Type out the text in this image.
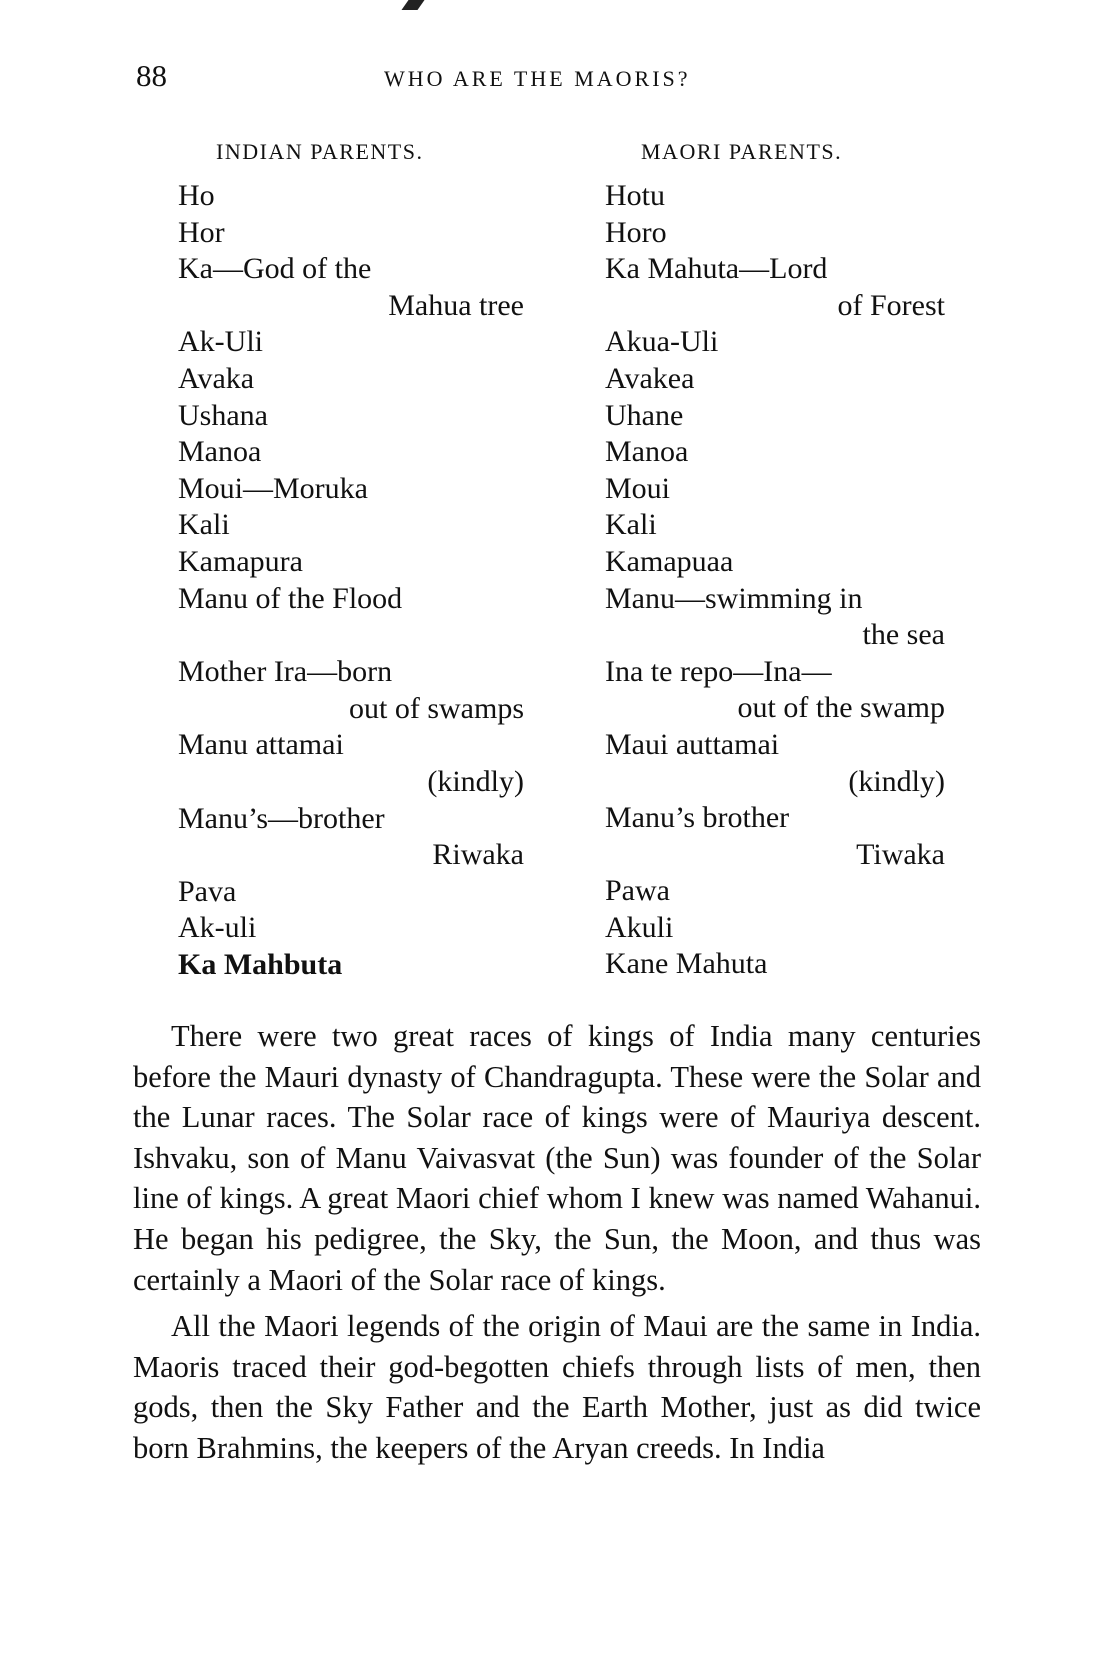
88	WHO ARE THE MAORIS?
INDIAN PARENTS.
Ho
Hor
Ka—God of the
Mahua tree
Ak-Uli
Avaka
Ushana
Manoa
Moui—Moruka
Kali
Kamapura
Manu of the Flood
Mother Ira—born
out of swamps
Manu attamai
(kindly)
Manu’s—brother
Riwaka
Pava
Ak-uli
Ka Mahbuta
MAORI PARENTS.
Hotu
Horo
Ka Mahuta—Lord
of Forest
Akua-Uli
Avakea
Uhane
Manoa
Moui
Kali
Kamapuaa
Manu—swimming in
the sea
Ina te repo—Ina—
out of the swamp
Maui auttamai
(kindly)
Manu’s brother
Tiwaka
Pawa
Akuli
Kane Mahuta

There were two great races of kings of India many centuries before the Mauri dynasty of Chandragupta. These were the Solar and the Lunar races. The Solar race of kings were of Mauriya descent. Ishvaku, son of Manu Vaivasvat (the Sun) was founder of the Solar line of kings. A great Maori chief whom I knew was named Wahanui. He began his pedigree, the Sky, the Sun, the Moon, and thus was certainly a Maori of the Solar race of kings.

All the Maori legends of the origin of Maui are the same in India. Maoris traced their god-begotten chiefs through lists of men, then gods, then the Sky Father and the Earth Mother, just as did twice born Brahmins, the keepers of the Aryan creeds. In India
